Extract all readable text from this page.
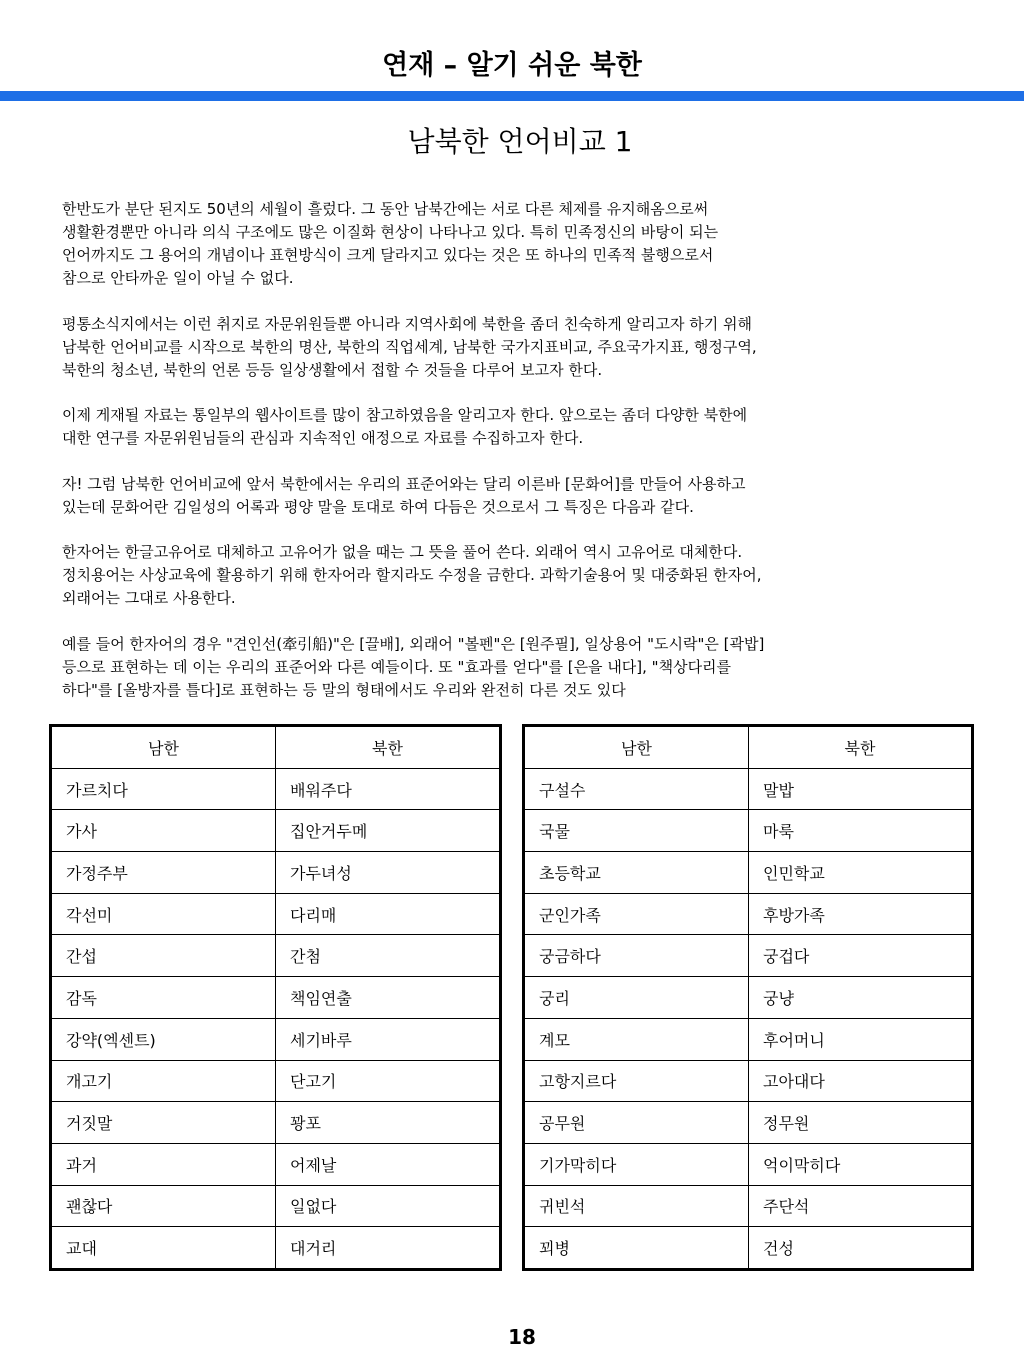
연재 – 알기 쉬운 북한
남북한 언어비교 1

한반도가 분단 된지도 50년의 세월이 흘렀다. 그 동안 남북간에는 서로 다른 체제를 유지해옴으로써
생활환경뿐만 아니라 의식 구조에도 많은 이질화 현상이 나타나고 있다. 특히 민족정신의 바탕이 되는
언어까지도 그 용어의 개념이나 표현방식이 크게 달라지고 있다는 것은 또 하나의 민족적 불행으로서
참으로 안타까운 일이 아닐 수 없다.

평통소식지에서는 이런 취지로 자문위원들뿐 아니라 지역사회에 북한을 좀더 친숙하게 알리고자 하기 위해
남북한 언어비교를 시작으로 북한의 명산, 북한의 직업세계, 남북한 국가지표비교, 주요국가지표, 행정구역,
북한의 청소년, 북한의 언론 등등 일상생활에서 접할 수 것들을 다루어 보고자 한다.

이제 게재될 자료는 통일부의 웹사이트를 많이 참고하였음을 알리고자 한다. 앞으로는 좀더 다양한 북한에
대한 연구를 자문위원님들의 관심과 지속적인 애정으로 자료를 수집하고자 한다.

자! 그럼 남북한 언어비교에 앞서 북한에서는 우리의 표준어와는 달리 이른바 [문화어]를 만들어 사용하고
있는데 문화어란 김일성의 어록과 평양 말을 토대로 하여 다듬은 것으로서 그 특징은 다음과 같다.

한자어는 한글고유어로 대체하고 고유어가 없을 때는 그 뜻을 풀어 쓴다. 외래어 역시 고유어로 대체한다.
정치용어는 사상교육에 활용하기 위해 한자어라 할지라도 수정을 금한다. 과학기술용어 및 대중화된 한자어,
외래어는 그대로 사용한다.

예를 들어 한자어의 경우 "견인선(牽引船)"은 [끌배], 외래어 "볼펜"은 [원주필], 일상용어 "도시락"은 [곽밥]
등으로 표현하는 데 이는 우리의 표준어와 다른 예들이다. 또 "효과를 얻다"를 [은을 내다], "책상다리를
하다"를 [올방자를 틀다]로 표현하는 등 말의 형태에서도 우리와 완전히 다른 것도 있다

남한	북한
가르치다	배워주다
가사	집안거두메
가정주부	가두녀성
각선미	다리매
간섭	간첨
감독	책임연출
강약(엑센트)	세기바루
개고기	단고기
거짓말	꽝포
과거	어제날
괜찮다	일없다
교대	대거리
남한	북한
구설수	말밥
국물	마룩
초등학교	인민학교
군인가족	후방가족
궁금하다	궁겁다
궁리	궁냥
계모	후어머니
고항지르다	고아대다
공무원	정무원
기가막히다	억이막히다
귀빈석	주단석
꾀병	건성
18
